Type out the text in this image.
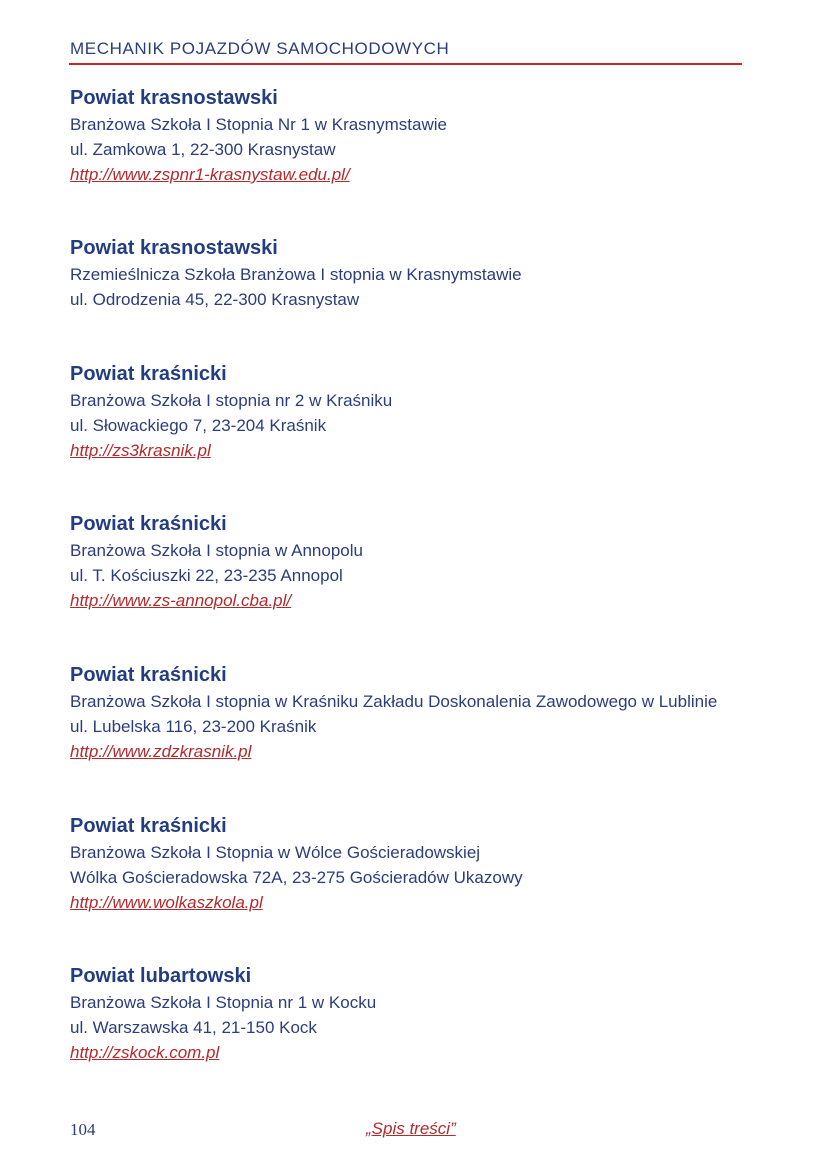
MECHANIK POJAZDÓW SAMOCHODOWYCH
Powiat krasnostawski
Branżowa Szkoła I Stopnia Nr 1 w Krasnymstawie
ul. Zamkowa 1, 22-300 Krasnystaw
http://www.zspnr1-krasnystaw.edu.pl/
Powiat krasnostawski
Rzemieślnicza Szkoła Branżowa I stopnia w Krasnymstawie
ul. Odrodzenia 45, 22-300 Krasnystaw
Powiat kraśnicki
Branżowa Szkoła I stopnia nr 2 w Kraśniku
ul. Słowackiego 7, 23-204 Kraśnik
http://zs3krasnik.pl
Powiat kraśnicki
Branżowa Szkoła I stopnia w Annopolu
ul. T. Kościuszki 22, 23-235 Annopol
http://www.zs-annopol.cba.pl/
Powiat kraśnicki
Branżowa Szkoła I stopnia w Kraśniku Zakładu Doskonalenia Zawodowego w Lublinie
ul. Lubelska 116, 23-200 Kraśnik
http://www.zdzkrasnik.pl
Powiat kraśnicki
Branżowa Szkoła I Stopnia w Wólce Gościeradowskiej
Wólka Gościeradowska 72A, 23-275 Gościeradów Ukazowy
http://www.wolkaszkola.pl
Powiat lubartowski
Branżowa Szkoła I Stopnia nr 1 w Kocku
ul. Warszawska 41, 21-150 Kock
http://zskock.com.pl
104	„Spis treści”
